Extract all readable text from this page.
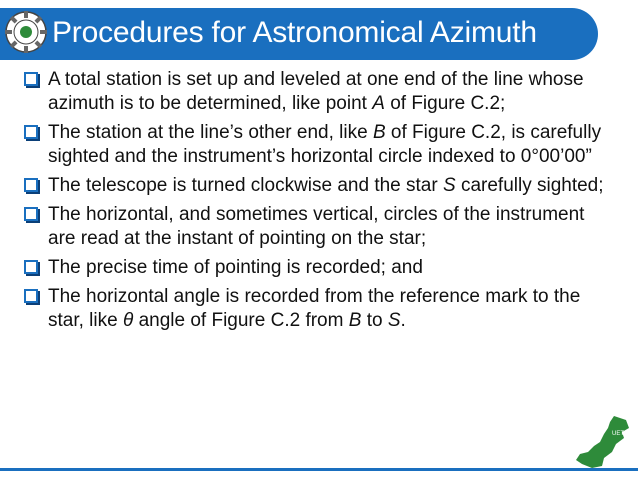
Procedures for Astronomical Azimuth
A total station is set up and leveled at one end of the line whose azimuth is to be determined, like point A of Figure C.2;
The station at the line’s other end, like B of Figure C.2, is carefully sighted and the instrument’s horizontal circle indexed to 0°00’00”
The telescope is turned clockwise and the star S carefully sighted;
The horizontal, and sometimes vertical, circles of the instrument are read at the instant of pointing on the star;
The precise time of pointing is recorded; and
The horizontal angle is recorded from the reference mark to the star, like θ angle of Figure C.2 from B to S.
UET
